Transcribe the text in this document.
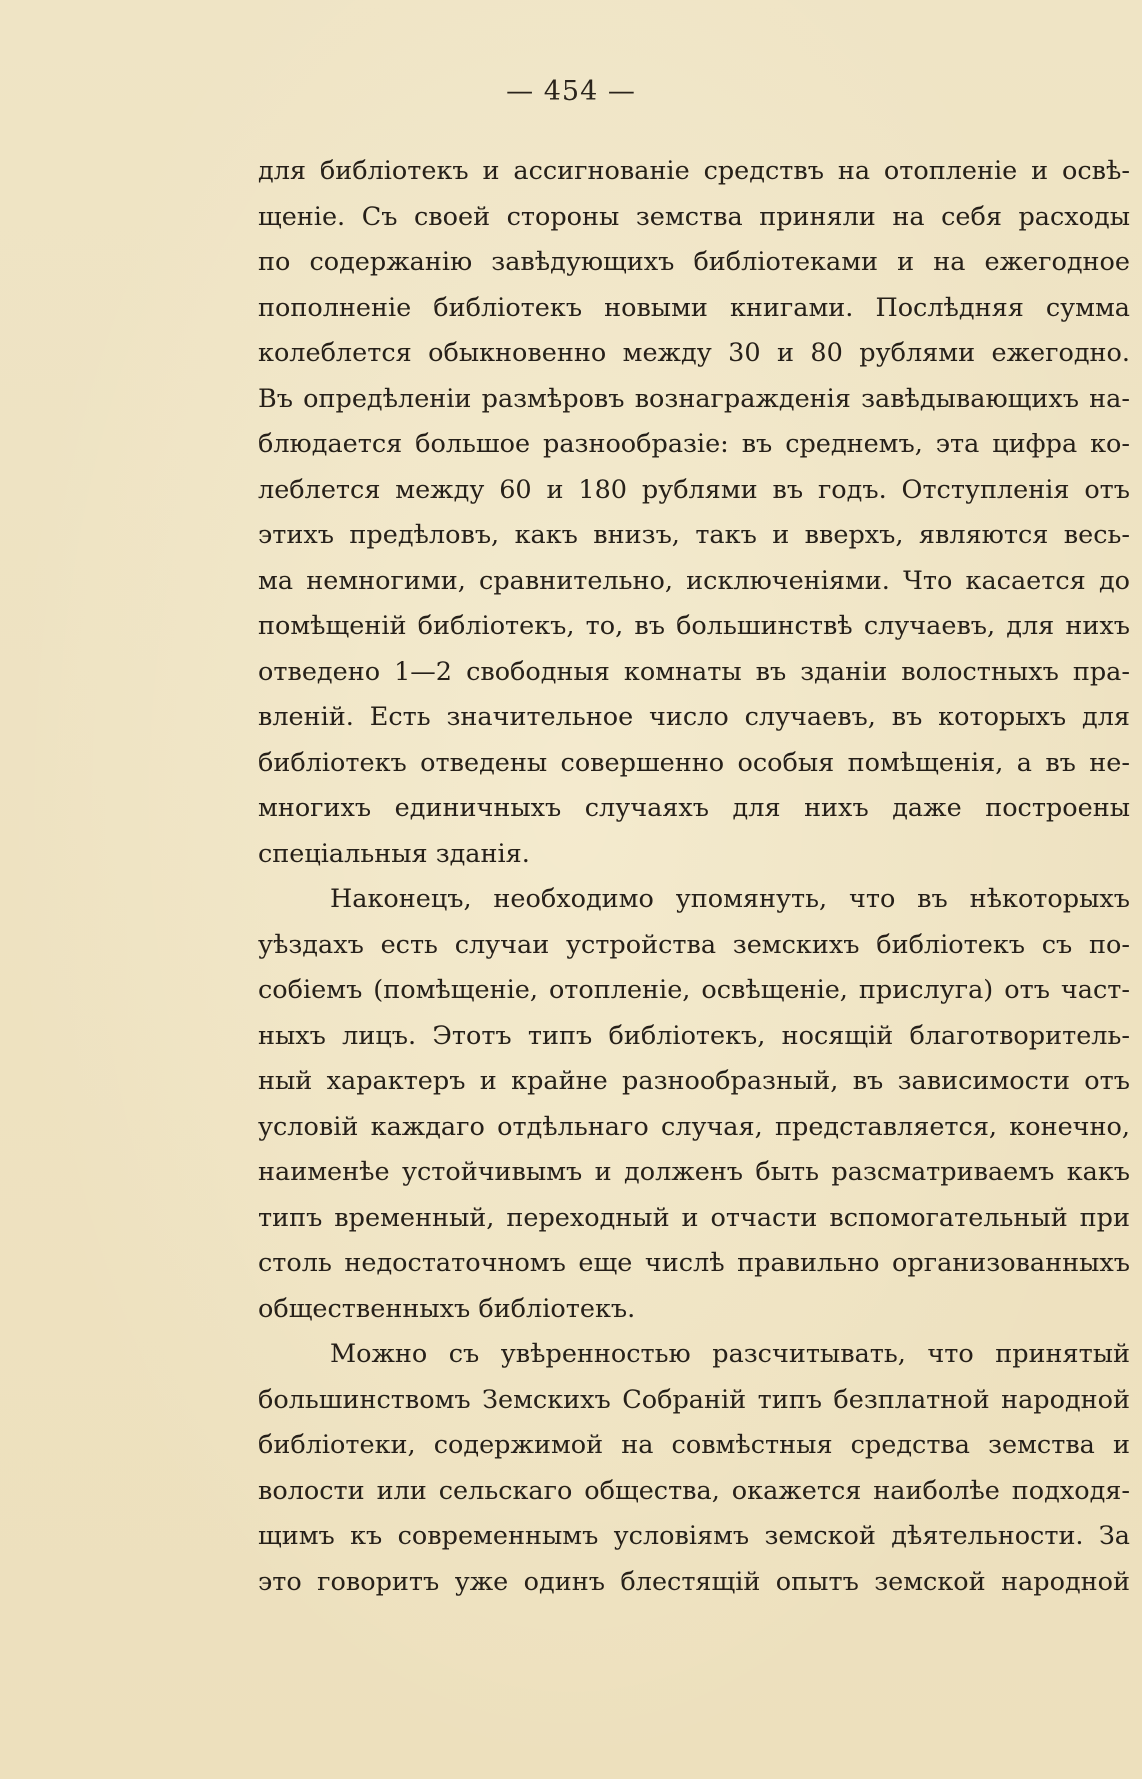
— 454 —
для библіотекъ и ассигнованіе средствъ на отопленіе и освѣ-
щеніе. Съ своей стороны земства приняли на себя расходы
по содержанію завѣдующихъ библіотеками и на ежегодное
пополненіе библіотекъ новыми книгами. Послѣдняя сумма
колеблется обыкновенно между 30 и 80 рублями ежегодно.
Въ опредѣленіи размѣровъ вознагражденія завѣдывающихъ на-
блюдается большое разнообразіе: въ среднемъ, эта цифра ко-
леблется между 60 и 180 рублями въ годъ. Отступленія отъ
этихъ предѣловъ, какъ внизъ, такъ и вверхъ, являются весь-
ма немногими, сравнительно, исключеніями. Что касается до
помѣщеній библіотекъ, то, въ большинствѣ случаевъ, для нихъ
отведено 1—2 свободныя комнаты въ зданіи волостныхъ пра-
вленій. Есть значительное число случаевъ, въ которыхъ для
библіотекъ отведены совершенно особыя помѣщенія, а въ не-
многихъ единичныхъ случаяхъ для нихъ даже построены
спеціальныя зданія.
Наконецъ, необходимо упомянуть, что въ нѣкоторыхъ
уѣздахъ есть случаи устройства земскихъ библіотекъ съ по-
собіемъ (помѣщеніе, отопленіе, освѣщеніе, прислуга) отъ част-
ныхъ лицъ. Этотъ типъ библіотекъ, носящій благотворитель-
ный характеръ и крайне разнообразный, въ зависимости отъ
условій каждаго отдѣльнаго случая, представляется, конечно,
наименѣе устойчивымъ и долженъ быть разсматриваемъ какъ
типъ временный, переходный и отчасти вспомогательный при
столь недостаточномъ еще числѣ правильно организованныхъ
общественныхъ библіотекъ.
Можно съ увѣренностью разсчитывать, что принятый
большинствомъ Земскихъ Собраній типъ безплатной народной
библіотеки, содержимой на совмѣстныя средства земства и
волости или сельскаго общества, окажется наиболѣе подходя-
щимъ къ современнымъ условіямъ земской дѣятельности. За
это говоритъ уже одинъ блестящій опытъ земской народной
